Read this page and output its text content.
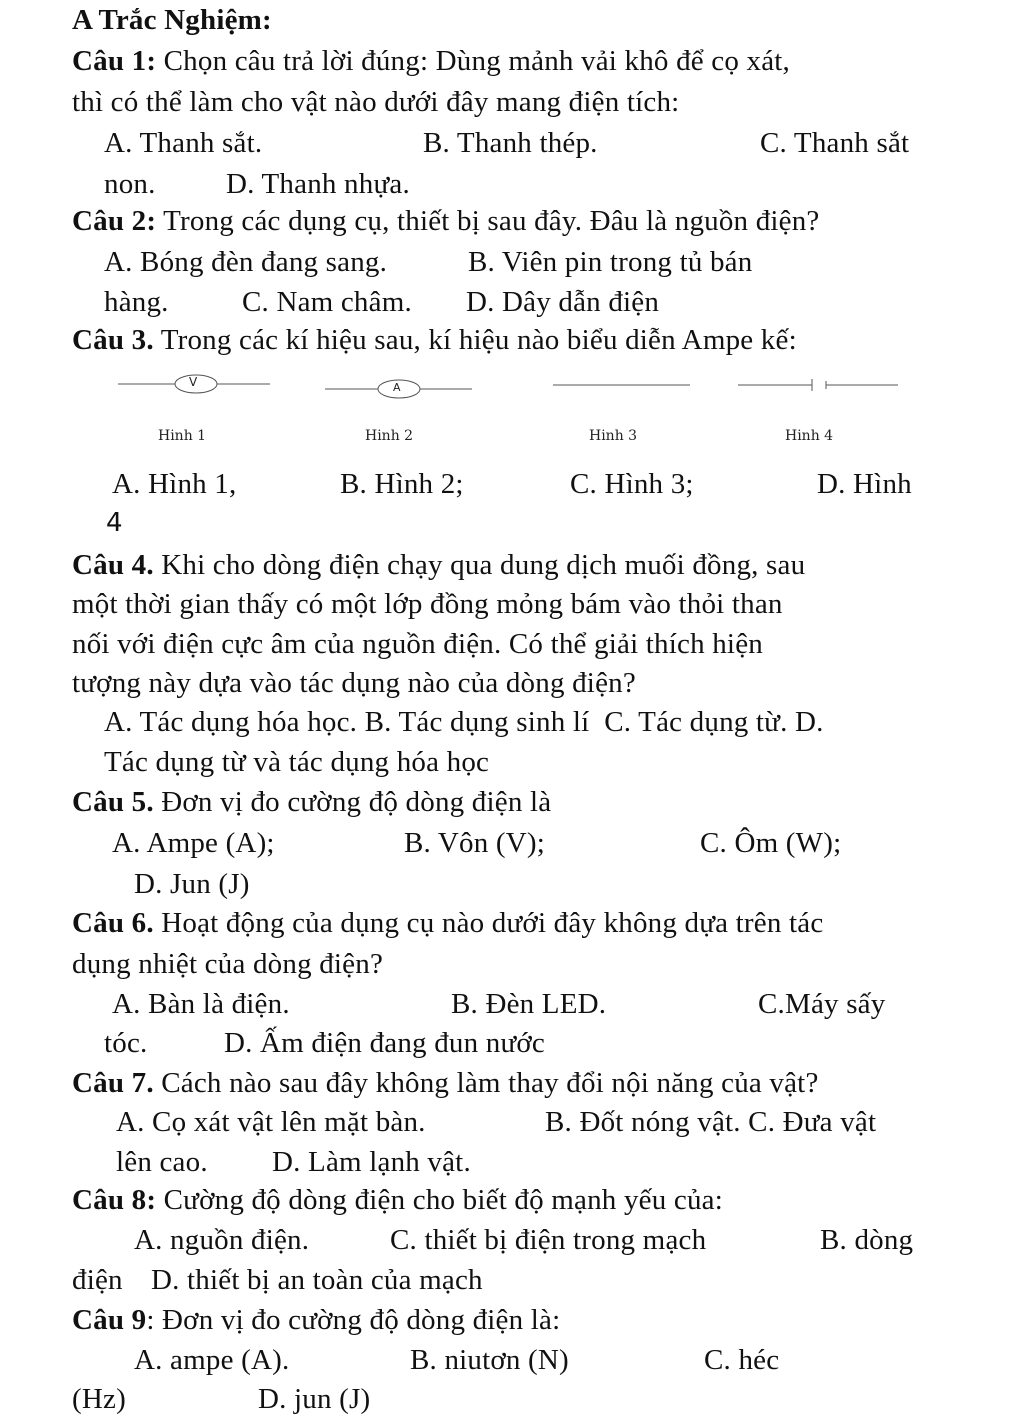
A Trắc Nghiệm:
Câu 1: Chọn câu trả lời đúng: Dùng mảnh vải khô để cọ xát,
thì có thể làm cho vật nào dưới đây mang điện tích:
A. Thanh sắt.	B. Thanh thép.	C. Thanh sắt
non. D. Thanh nhựa.
Câu 2: Trong các dụng cụ, thiết bị sau đây. Đâu là nguồn điện?
A. Bóng đèn đang sang.	B. Viên pin trong tủ bán
hàng.	C. Nam châm. D. Dây dẫn điện
Câu 3. Trong các kí hiệu sau, kí hiệu nào biểu diễn Ampe kế:
V	A
Hinh 1	Hinh 2	Hinh 3	Hinh 4
A. Hình 1,	B. Hình 2;	C. Hình 3;	D. Hình
4
Câu 4. Khi cho dòng điện chạy qua dung dịch muối đồng, sau
một thời gian thấy có một lớp đồng mỏng bám vào thỏi than
nối với điện cực âm của nguồn điện. Có thể giải thích hiện
tượng này dựa vào tác dụng nào của dòng điện?
A. Tác dụng hóa học. B. Tác dụng sinh lí  C. Tác dụng từ. D.
Tác dụng từ và tác dụng hóa học
Câu 5. Đơn vị đo cường độ dòng điện là
A. Ampe (A);	B. Vôn (V);	C. Ôm (W);
D. Jun (J)
Câu 6. Hoạt động của dụng cụ nào dưới đây không dựa trên tác
dụng nhiệt của dòng điện?
A. Bàn là điện.	B. Đèn LED.	C.Máy sấy
tóc.	D. Ấm điện đang đun nước
Câu 7. Cách nào sau đây không làm thay đổi nội năng của vật?
A. Cọ xát vật lên mặt bàn.	B. Đốt nóng vật. C. Đưa vật
lên cao. D. Làm lạnh vật.
Câu 8: Cường độ dòng điện cho biết độ mạnh yếu của:
A. nguồn điện.	C. thiết bị điện trong mạch	B. dòng
điện D. thiết bị an toàn của mạch
Câu 9: Đơn vị đo cường độ dòng điện là:
A. ampe (A).	B. niutơn (N)	C. héc
(Hz)	D. jun (J)
